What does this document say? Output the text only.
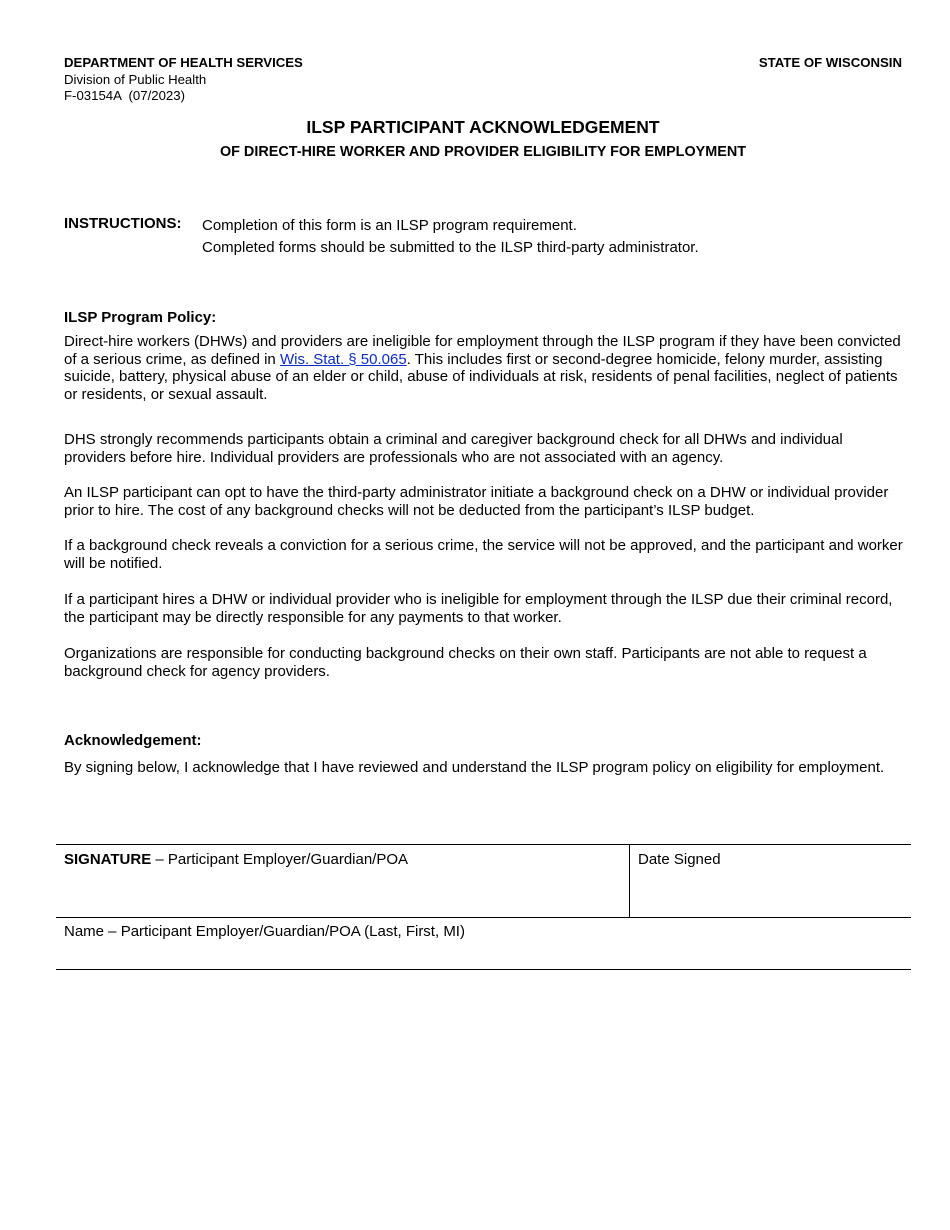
DEPARTMENT OF HEALTH SERVICES
Division of Public Health
F-03154A  (07/2023)
STATE OF WISCONSIN
ILSP PARTICIPANT ACKNOWLEDGEMENT
OF DIRECT-HIRE WORKER AND PROVIDER ELIGIBILITY FOR EMPLOYMENT
INSTRUCTIONS: Completion of this form is an ILSP program requirement.
Completed forms should be submitted to the ILSP third-party administrator.
ILSP Program Policy:
Direct-hire workers (DHWs) and providers are ineligible for employment through the ILSP program if they have been convicted of a serious crime, as defined in Wis. Stat. § 50.065. This includes first or second-degree homicide, felony murder, assisting suicide, battery, physical abuse of an elder or child, abuse of individuals at risk, residents of penal facilities, neglect of patients or residents, or sexual assault.
DHS strongly recommends participants obtain a criminal and caregiver background check for all DHWs and individual providers before hire. Individual providers are professionals who are not associated with an agency.
An ILSP participant can opt to have the third-party administrator initiate a background check on a DHW or individual provider prior to hire. The cost of any background checks will not be deducted from the participant’s ILSP budget.
If a background check reveals a conviction for a serious crime, the service will not be approved, and the participant and worker will be notified.
If a participant hires a DHW or individual provider who is ineligible for employment through the ILSP due their criminal record, the participant may be directly responsible for any payments to that worker.
Organizations are responsible for conducting background checks on their own staff. Participants are not able to request a background check for agency providers.
Acknowledgement:
By signing below, I acknowledge that I have reviewed and understand the ILSP program policy on eligibility for employment.
SIGNATURE – Participant Employer/Guardian/POA	Date Signed
Name – Participant Employer/Guardian/POA (Last, First, MI)
